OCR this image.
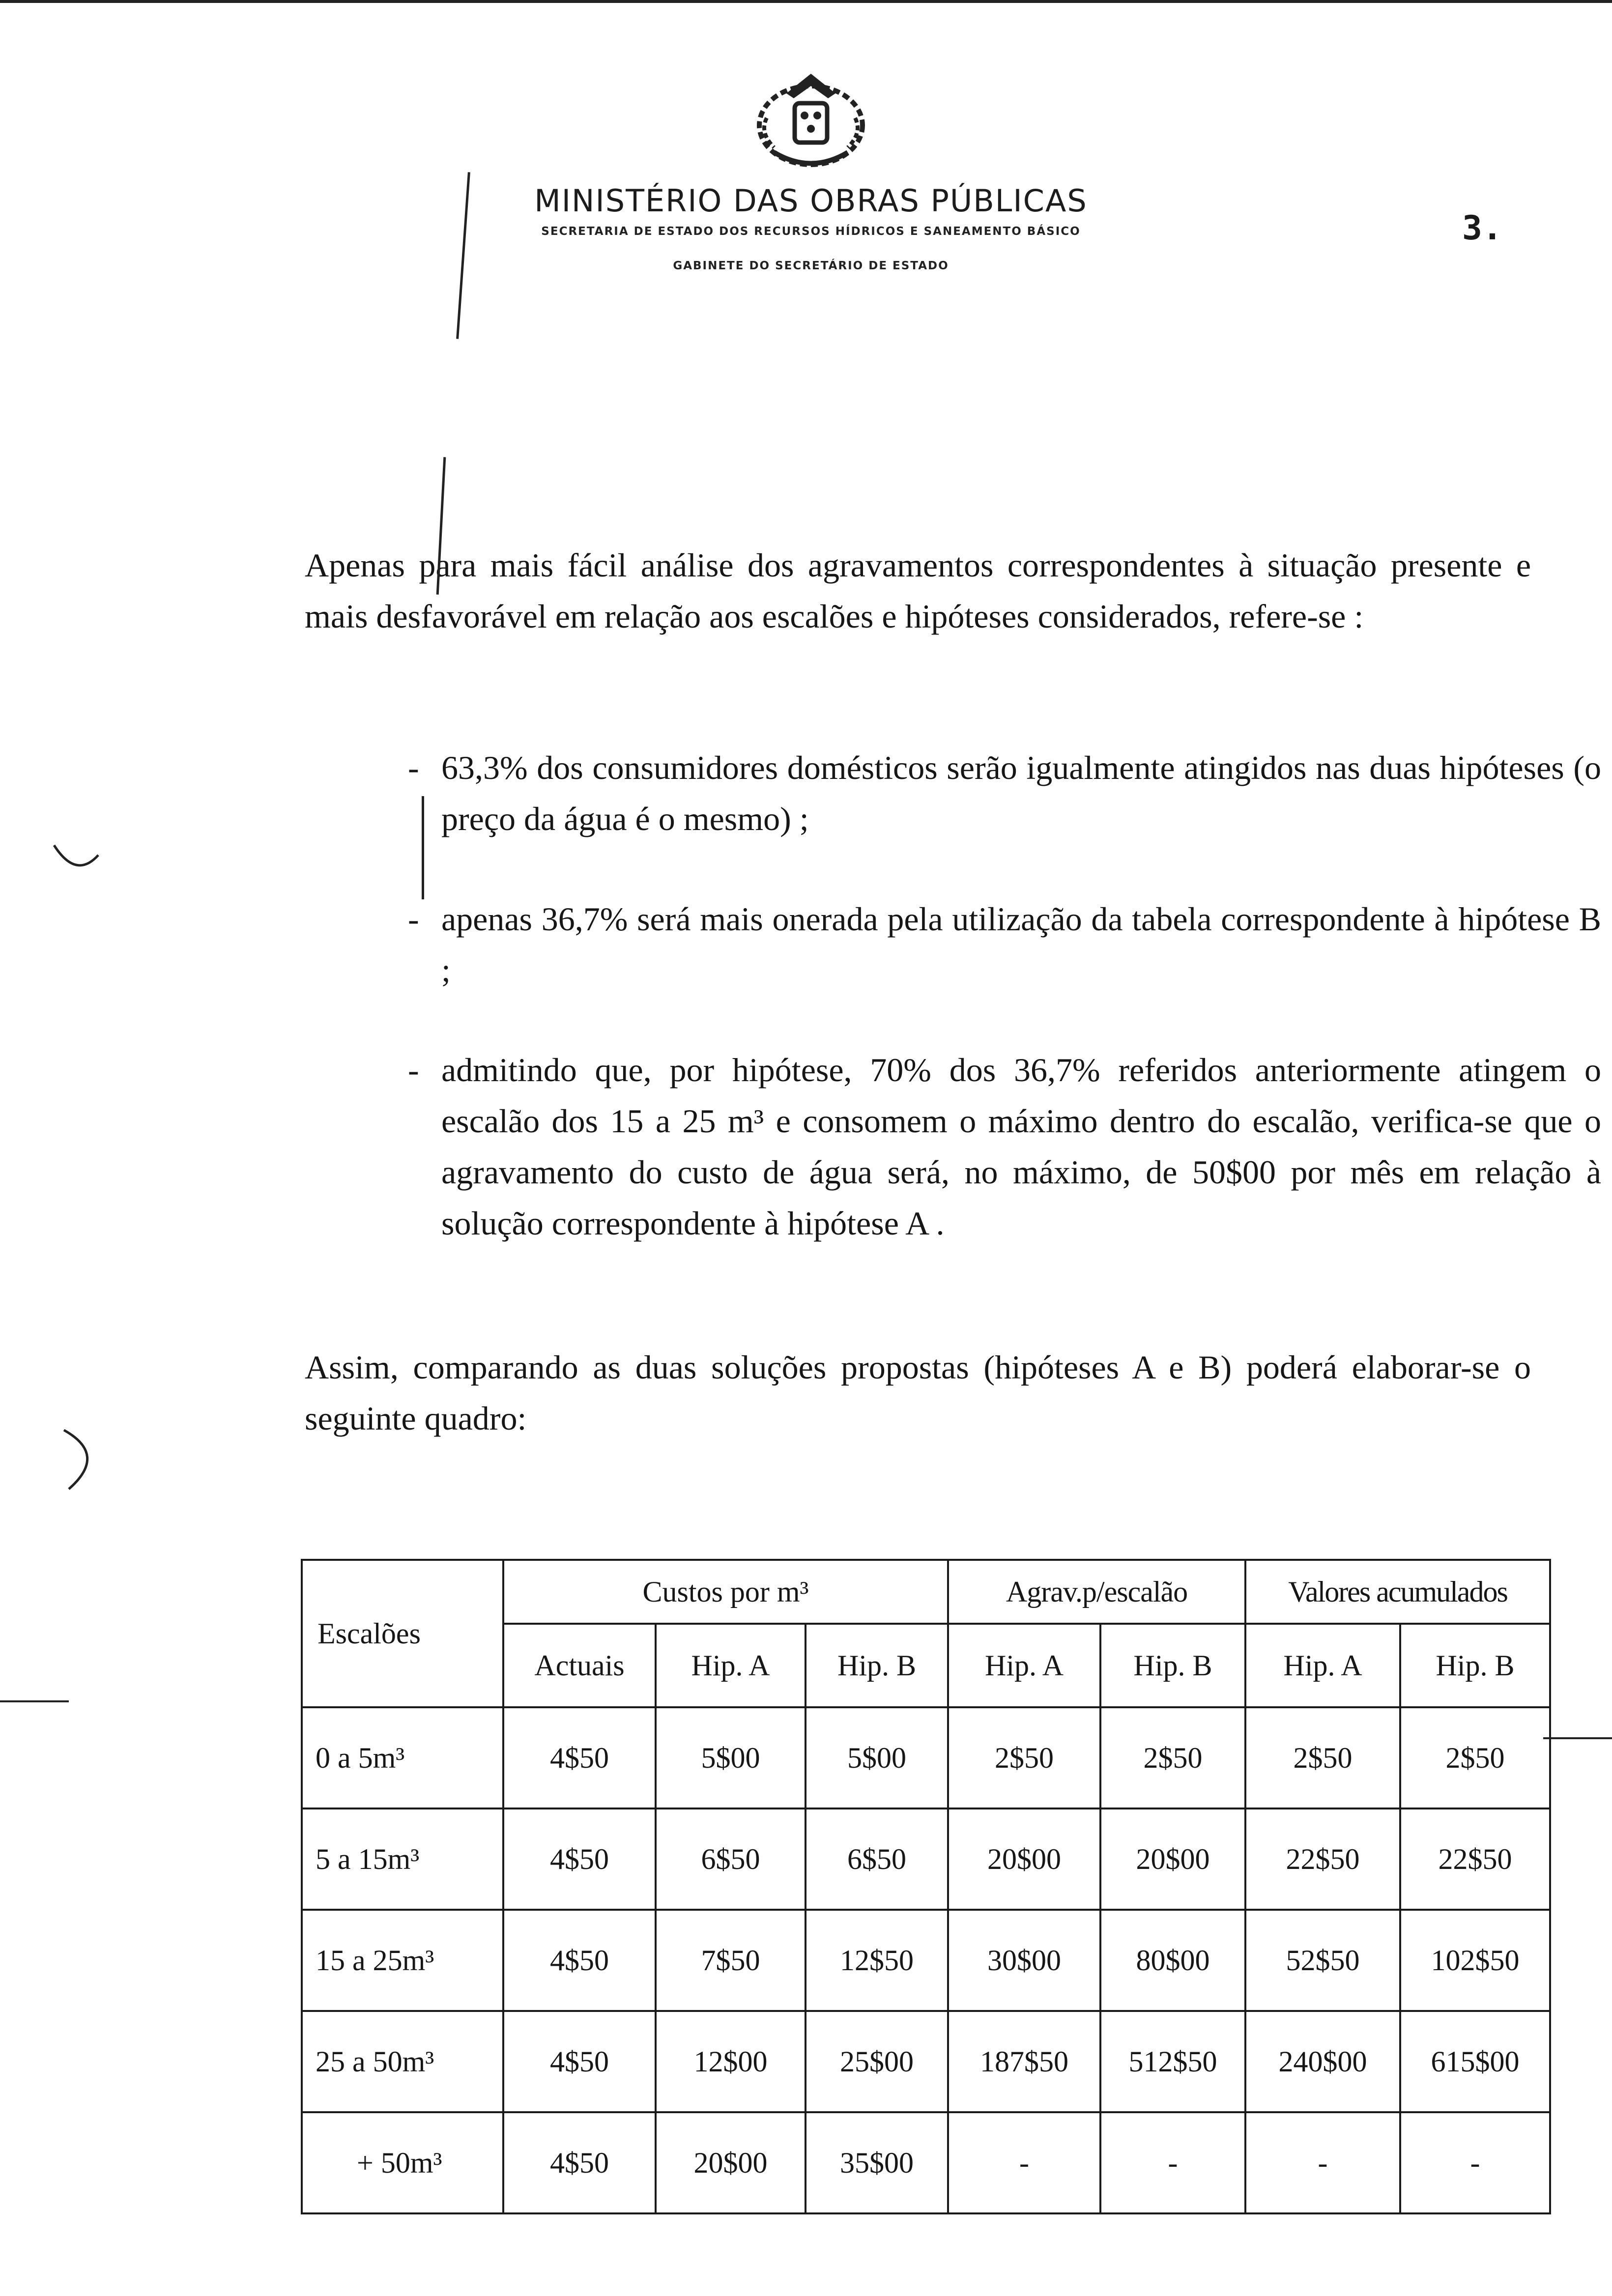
MINISTÉRIO DAS OBRAS PÚBLICAS
SECRETARIA DE ESTADO DOS RECURSOS HÍDRICOS E SANEAMENTO BÁSICO
GABINETE DO SECRETÁRIO DE ESTADO
3.
Apenas para mais fácil análise dos agravamentos correspondentes à situação presente e mais desfavorável em relação aos escalões e hipóteses considerados, refere-se :
- 63,3% dos consumidores domésticos serão igualmente atingidos nas duas hipóteses (o preço da água é o mesmo) ;
- apenas 36,7% será mais onerada pela utilização da tabela correspondente à hipótese B ;
- admitindo que, por hipótese, 70% dos 36,7% referidos anteriormente atingem o escalão dos 15 a 25 m³ e consomem o máximo dentro do escalão, verifica-se que o agravamento do custo de água será, no máximo, de 50$00 por mês em relação à solução correspondente à hipótese A .
Assim, comparando as duas soluções propostas (hipóteses A e B) poderá elaborar-se o seguinte quadro:
Escalões	Custos por m³			Agrav.p/escalão		Valores acumulados	
	Actuais	Hip. A	Hip. B	Hip. A	Hip. B	Hip. A	Hip. B
0 a 5m³	4$50	5$00	5$00	2$50	2$50	2$50	2$50
5 a 15m³	4$50	6$50	6$50	20$00	20$00	22$50	22$50
15 a 25m³	4$50	7$50	12$50	30$00	80$00	52$50	102$50
25 a 50m³	4$50	12$00	25$00	187$50	512$50	240$00	615$00
+ 50m³	4$50	20$00	35$00	-	-	-	-
